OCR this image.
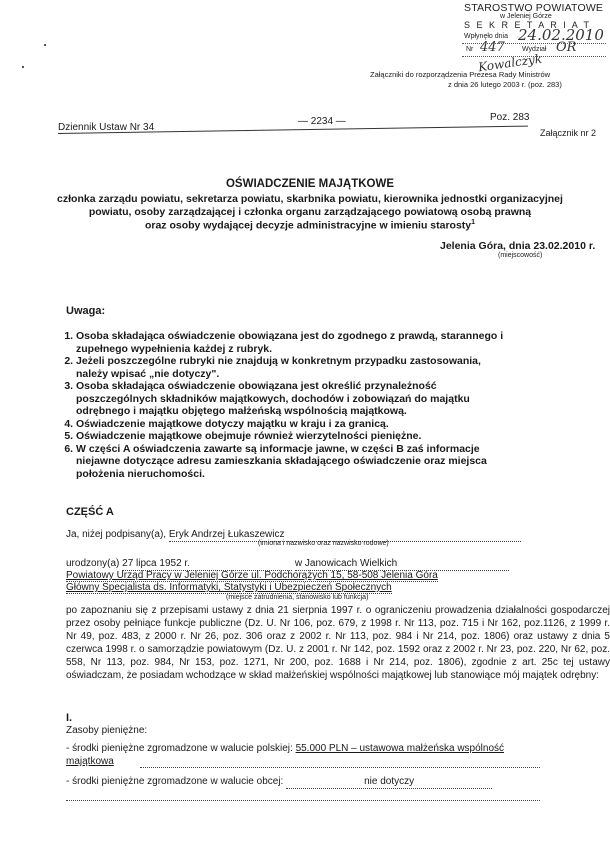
STAROSTWO POWIATOWE
w Jeleniej Górze
S E K R E T A R I A T
Wpłynęło dnia 24.02.2010
Nr 447 Wydział OR
Kowalczyk
Załączniki do rozporządzenia Prezesa Rady Ministrów
z dnia 26 lutego 2003 r. (poz. 283)
Dziennik Ustaw Nr 34
— 2234 —	Poz. 283
Załącznik nr 2
OŚWIADCZENIE MAJĄTKOWE
członka zarządu powiatu, sekretarza powiatu, skarbnika powiatu, kierownika jednostki organizacyjnej
powiatu, osoby zarządzającej i członka organu zarządzającego powiatową osobą prawną
oraz osoby wydającej decyzje administracyjne w imieniu starosty$^1$
Jelenia Góra, dnia 23.02.2010 r.
(miejscowość)
Uwaga:
1. Osoba składająca oświadczenie obowiązana jest do zgodnego z prawdą, starannego i zupełnego wypełnienia każdej z rubryk.
2. Jeżeli poszczególne rubryki nie znajdują w konkretnym przypadku zastosowania, należy wpisać „nie dotyczy".
3. Osoba składająca oświadczenie obowiązana jest określić przynależność poszczególnych składników majątkowych, dochodów i zobowiązań do majątku odrębnego i majątku objętego małżeńską wspólnością majątkową.
4. Oświadczenie majątkowe dotyczy majątku w kraju i za granicą.
5. Oświadczenie majątkowe obejmuje również wierzytelności pieniężne.
6. W części A oświadczenia zawarte są informacje jawne, w części B zaś informacje niejawne dotyczące adresu zamieszkania składającego oświadczenie oraz miejsca położenia nieruchomości.
CZĘŚĆ A
Ja, niżej podpisany(a), Eryk Andrzej Łukaszewicz
(imiona i nazwisko oraz nazwisko rodowe)
urodzony(a) 27 lipca 1952 r.	w Janowicach Wielkich
Powiatowy Urząd Pracy w Jeleniej Górze ul. Podchorążych 15, 58-508 Jelenia Góra
Główny Specjalista ds. Informatyki, Statystyki i Ubezpieczeń Społecznych
(miejsce zatrudnienia, stanowisko lub funkcja)
po zapoznaniu się z przepisami ustawy z dnia 21 sierpnia 1997 r. o ograniczeniu prowadzenia działalności gospodarczej przez osoby pełniące funkcje publiczne (Dz. U. Nr 106, poz. 679, z 1998 r. Nr 113, poz. 715 i Nr 162, poz.1126, z 1999 r. Nr 49, poz. 483, z 2000 r. Nr 26, poz. 306 oraz z 2002 r. Nr 113, poz. 984 i Nr 214, poz. 1806) oraz ustawy z dnia 5 czerwca 1998 r. o samorządzie powiatowym (Dz. U. z 2001 r. Nr 142, poz. 1592 oraz z 2002 r. Nr 23, poz. 220, Nr 62, poz. 558, Nr 113, poz. 984, Nr 153, poz. 1271, Nr 200, poz. 1688 i Nr 214, poz. 1806), zgodnie z art. 25c tej ustawy oświadczam, że posiadam wchodzące w skład małżeńskiej wspólności majątkowej lub stanowiące mój majątek odrębny:
I.
Zasoby pieniężne:
- środki pieniężne zgromadzone w walucie polskiej: 55.000 PLN – ustawowa małżeńska wspólność majątkowa
- środki pieniężne zgromadzone w walucie obcej:	nie dotyczy
